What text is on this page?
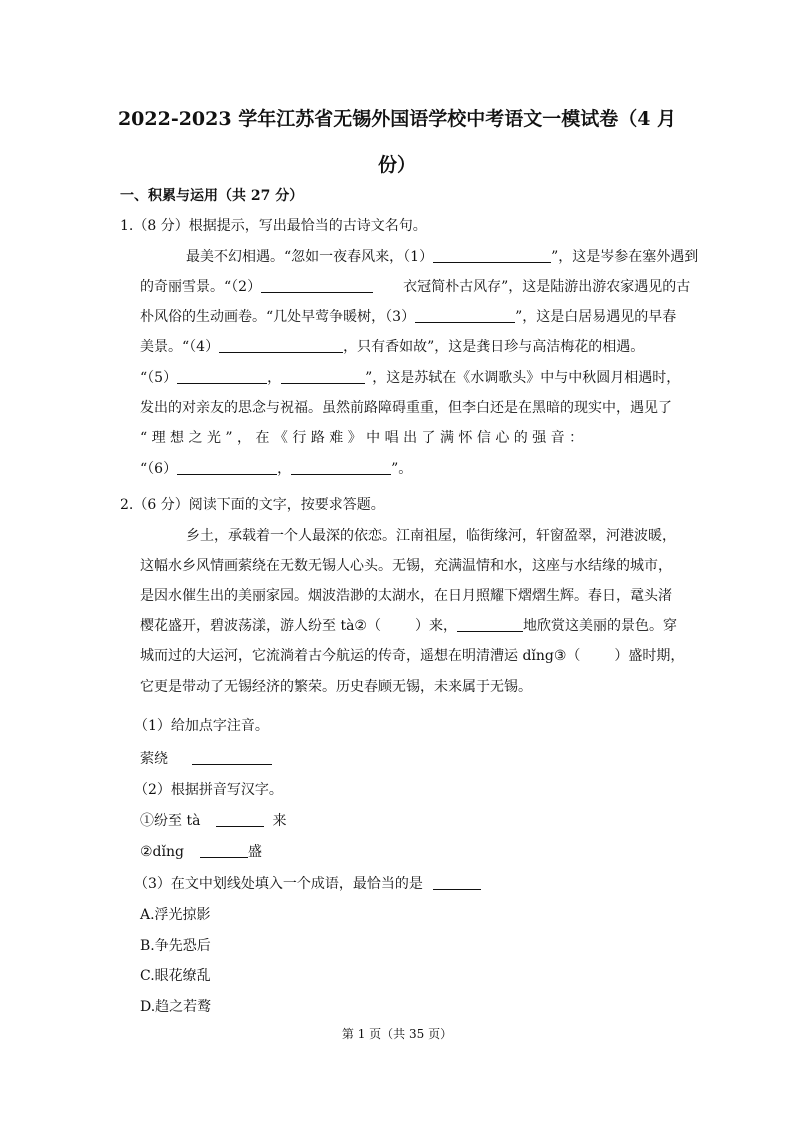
2022-2023 学年江苏省无锡外国语学校中考语文一模试卷（4 月
份）
一、积累与运用（共 27 分）
1.（8 分）根据提示，写出最恰当的古诗文名句。
最美不幻相遇。“忽如一夜春风来，（1）	”，这是岑参在塞外遇到
的奇丽雪景。“（2）	衣冠简朴古风存”，这是陆游出游农家遇见的古
朴风俗的生动画卷。“几处早莺争暖树，（3）	”，这是白居易遇见的早春
美景。“（4）	，只有香如故”，这是龚日珍与高洁梅花的相遇。
“（5）	，	”，这是苏轼在《水调歌头》中与中秋圆月相遇时，
发出的对亲友的思念与祝福。虽然前路障碍重重，但李白还是在黑暗的现实中，遇见了
“ 理 想 之 光 ” ， 在 《 行 路 难 》 中 唱 出 了 满 怀 信 心 的 强 音 ：
“（6）	，	”。
2.（6 分）阅读下面的文字，按要求答题。
乡土，承载着一个人最深的依恋。江南祖屋，临街缘河，轩窗盈翠，河港波暖，
这幅水乡风情画萦绕在无数无锡人心头。无锡，充满温情和水，这座与水结缘的城市，
是因水催生出的美丽家园。烟波浩渺的太湖水，在日月照耀下熠熠生辉。春日，鼋头渚
樱花盛开，碧波荡漾，游人纷至 tà②（ ）来，	地欣赏这美丽的景色。穿
城而过的大运河，它流淌着古今航运的传奇，遥想在明清漕运 dǐng③（ ）盛时期，
它更是带动了无锡经济的繁荣。历史春顾无锡，未来属于无锡。
（1）给加点字注音。
萦绕
（2）根据拼音写汉字。
①纷至 tà	来
②dǐng	盛
（3）在文中划线处填入一个成语，最恰当的是
A.浮光掠影
B.争先恐后
C.眼花缭乱
D.趋之若鹜
第 1 页（共 35 页）
